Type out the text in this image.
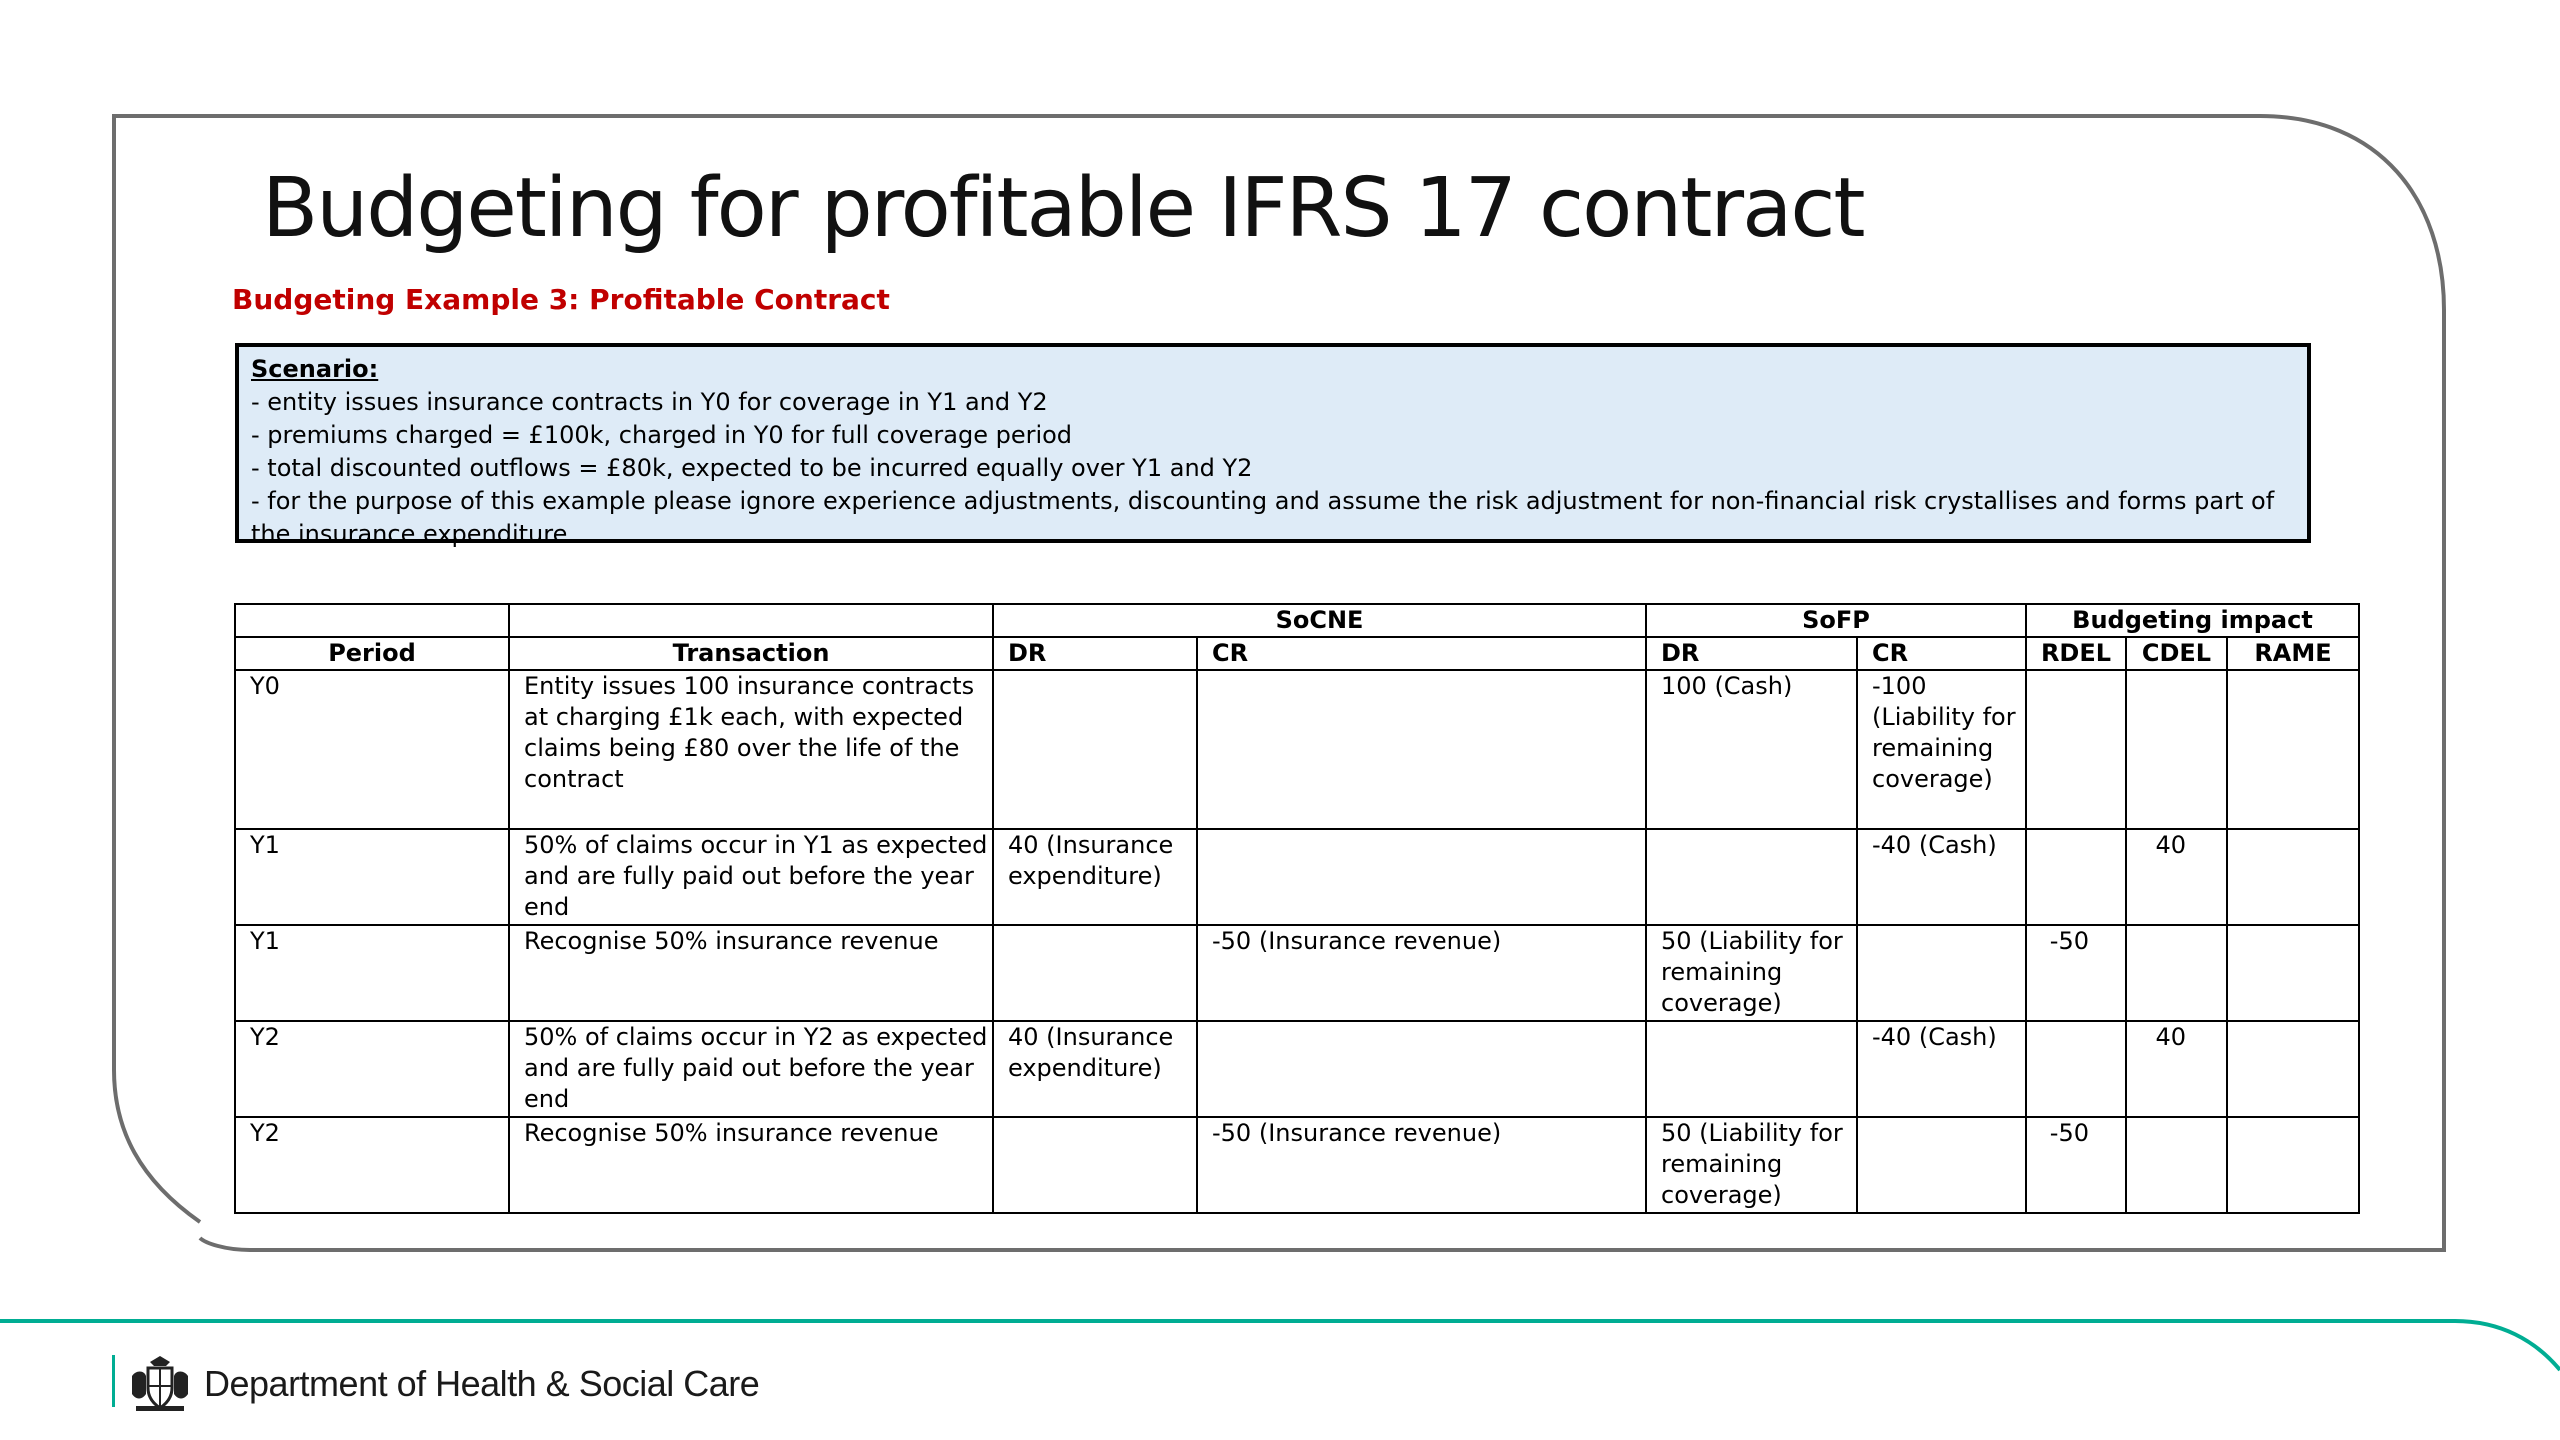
Budgeting for profitable IFRS 17 contract
Budgeting Example 3: Profitable Contract
Scenario:
- entity issues insurance contracts in Y0 for coverage in Y1 and Y2
- premiums charged = £100k, charged in Y0 for full coverage period
- total discounted outflows = £80k, expected to be incurred equally over Y1 and Y2
- for the purpose of this example please ignore experience adjustments, discounting and assume the risk adjustment for non-financial risk crystallises and forms part of the insurance expenditure.
		SoCNE		SoFP		Budgeting impact		
Period	Transaction	DR	CR	DR	CR	RDEL	CDEL	RAME
Y0	Entity issues 100 insurance contracts at charging £1k each, with expected claims being £80 over the life of the contract			100 (Cash)	-100 (Liability for remaining coverage)			
Y1	50% of claims occur in Y1 as expected and are fully paid out before the year end	40 (Insurance expenditure)			-40 (Cash)		40	
Y1	Recognise 50% insurance revenue		-50 (Insurance revenue)	50 (Liability for remaining coverage)		-50		
Y2	50% of claims occur in Y2 as expected and are fully paid out before the year end	40 (Insurance expenditure)			-40 (Cash)		40	
Y2	Recognise 50% insurance revenue		-50 (Insurance revenue)	50 (Liability for remaining coverage)		-50		
Department of Health & Social Care
